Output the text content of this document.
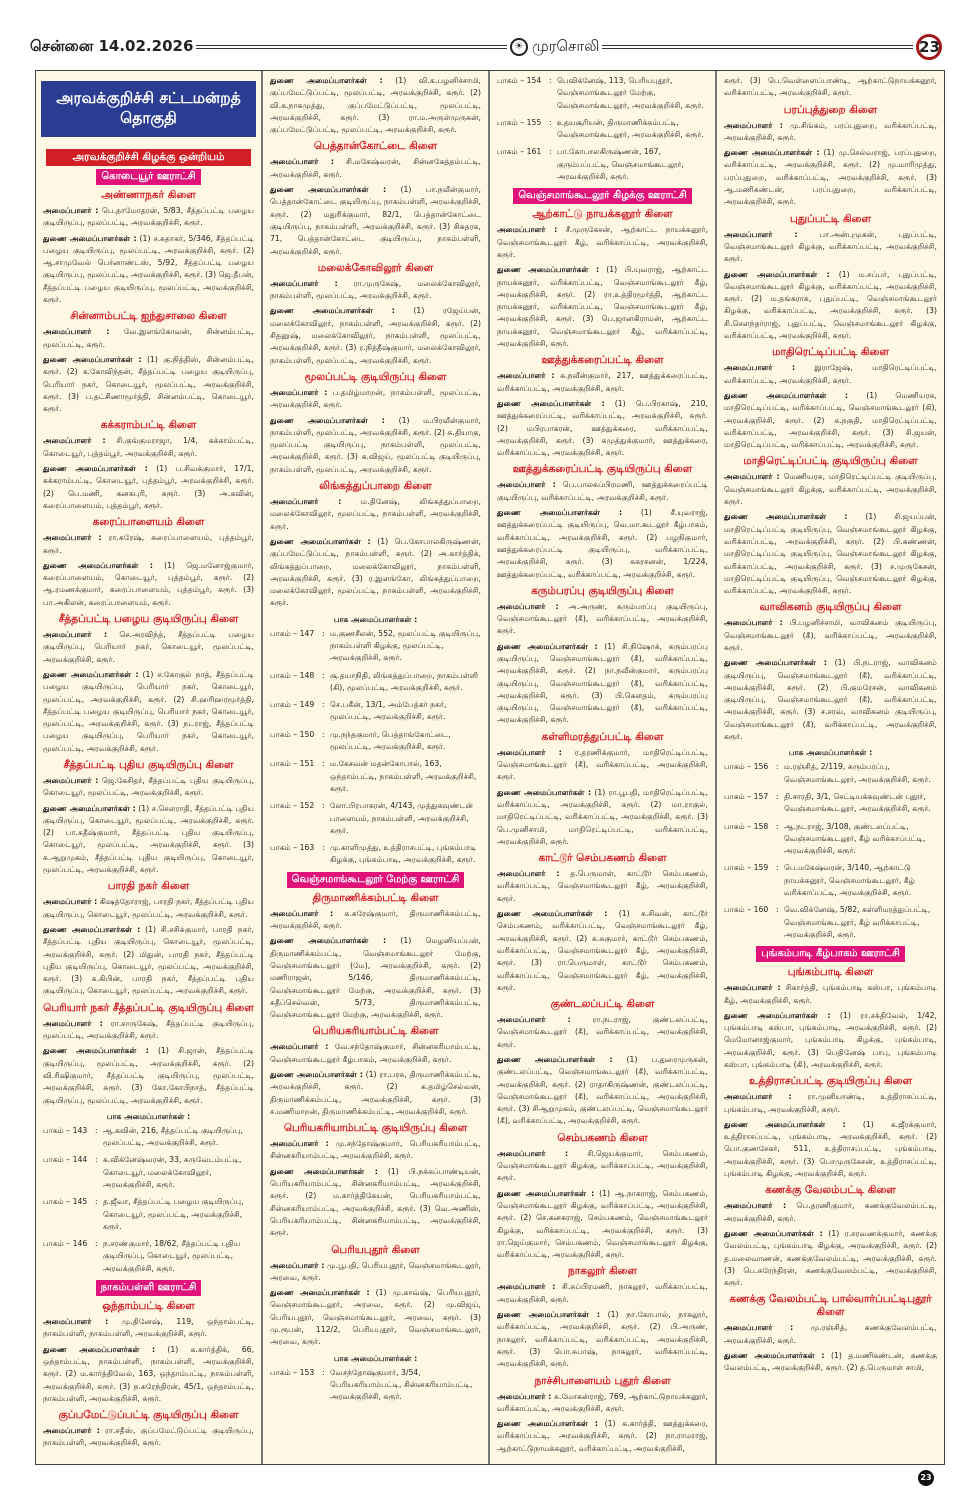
சென்னை 14.02.2026	☀ முரசொலி	23
அரவக்குறிச்சி சட்டமன்றத் தொகுதி
அரவக்குறிச்சி கிழக்கு ஒன்றியம்
கொடையூர் ஊராட்சி
அண்ணாநகர் கிளை
அமைப்பாளர் : பெ.தாமோதரன், 5/83, சீத்தப்பட்டி பழைய குடியிருப்பு, மூலப்பட்டி, அரவக்குறிச்சி, கரூர்.
துணை அமைப்பாளர்கள் : (1) ச.கதாகர், 5/346, சீத்தப்பட்டி பழைய குடியிருப்பு, மூலப்பட்டி, அரவக்குறிச்சி, கரூர். (2) ஆ.சாமுவேல் பெர்னாண்டஸ், 5/92, சீத்தப்பட்டி பழைய குடியிருப்பு, மூலப்பட்டி, அரவக்குறிச்சி, கரூர். (3) ஜெ.தீபன், சீத்தப்பட்டி பழைய குடியிருப்பு, மூலப்பட்டி, அரவக்குறிச்சி, கரூர்.
சின்னாம்பட்டி ஐந்துசாலை கிளை
அமைப்பாளர் : வே.இளங்கோவன், சின்னம்பட்டி, மூலப்பட்டி, கரூர்.
துணை அமைப்பாளர்கள் : (1) கு.நித்திஸ், சின்னம்பட்டி, கரூர். (2) க.கோவிந்தன், சீத்தப்பட்டி பழைய குடியிருப்பு, பெரியார் நகர், கொடையூர், மூலப்பட்டி, அரவக்குறிச்சி, கரூர். (3) ப.தட்சிணாமூர்த்தி, சின்னம்பட்டி, கொடையூர், கரூர்.
கக்கராம்பட்டி கிளை
அமைப்பாளர் : சி.குங்குமராஜா, 1/4, கக்காம்பட்டி, கொடையூர், புத்தம்பூர், அரவக்குறிச்சி, கரூர்.
துணை அமைப்பாளர்கள் : (1) ப.சிவக்குமார், 17/1, கக்கராம்பட்டி, கொடையூர், புத்தம்பூர், அரவக்குறிச்சி, கரூர். (2) பெ.மணி, கனகபுரி, கரூர். (3) அ.கவின், கரைப்பாளையம், புத்தம்பூர், கரூர்.
கரைப்பாளையம் கிளை
அமைப்பாளர் : ரா.சுரேஷ், கரைப்பாளையம், புத்தம்பூர், கரூர்.
துணை அமைப்பாளர்கள் : (1) ஜெ.மனோஜ்குமார், கரைப்பாளையம், கொடையூர், புத்தம்பூர், கரூர். (2) ஆ.ரமணக்குமார், கரைப்பாளையம், புத்தம்பூர், கரூர். (3) பா.அகிலன், கரைப்பாளையம், கரூர்.
சீத்தப்பட்டி பழைய குடியிருப்பு கிளை
அமைப்பாளர் : செ.அரவிந்த், சீத்தப்பட்டி பழைய குடியிருப்பு, பெரியார் நகர், கொடையூர், மூலப்பட்டி, அரவக்குறிச்சி, கரூர்.
துணை அமைப்பாளர்கள் : (1) ச.கோகுல் நாத், சீத்தப்பட்டி பழைய குடியிருப்பு, பெரியார் நகர், கொடையூர், மூலப்பட்டி, அரவக்குறிச்சி, கரூர். (2) சி.ஹரிஹரமூர்த்தி, சீத்தப்பட்டி பழைய குடியிருப்பு, பெரியார் நகர், கொடையூர், மூலப்பட்டி, அரவக்குறிச்சி, கரூர். (3) நடராஜ், சீத்தப்பட்டி பழைய குடியிருப்பு, பெரியார் நகர், கொடையூர், மூலப்பட்டி, அரவக்குறிச்சி, கரூர்.
சீத்தப்பட்டி புதிய குடியிருப்பு கிளை
அமைப்பாளர் : ஜெ.கேசிதர், சீத்தப்பட்டி புதிய குடியிருப்பு, கொடையூர், மூலப்பட்டி, அரவக்குறிச்சி, கரூர்.
துணை அமைப்பாளர்கள் : (1) ச.சௌராதி, சீத்தப்பட்டி புதிய குடியிருப்பு, கொடையூர், மூலப்பட்டி, அரவக்குறிச்சி, கரூர். (2) பா.சுதீஷ்குமார், சீத்தப்பட்டி புதிய குடியிருப்பு, கொடையூர், மூலப்பட்டி, அரவக்குறிச்சி, கரூர். (3) சு.ஆறுமுகம், சீத்தப்பட்டி புதிய குடியிருப்பு, கொடையூர், மூலப்பட்டி, அரவக்குறிச்சி, கரூர்.
பாரதி நகர் கிளை
அமைப்பாளர் : கிஷத்தோராஜ், பாரதி நகர், சீத்தப்பட்டி புதிய குடியிருப்பு, கொடையூர், மூலப்பட்டி, அரவக்குறிச்சி, கரூர்.
துணை அமைப்பாளர்கள் : (1) சி.சசிக்குமார், பாரதி நகர், சீத்தப்பட்டி புதிய குடியிருப்பு, கொடையூர், மூலப்பட்டி, அரவக்குறிச்சி, கரூர். (2) மிதுன், பாரதி நகர், சீத்தப்பட்டி புதிய குடியிருப்பு, கொடையூர், மூலப்பட்டி, அரவக்குறிச்சி, கரூர். (3) சு.கிபின், பாரதி நகர், சீத்தப்பட்டி புதிய குடியிருப்பு, கொடையூர், மூலப்பட்டி, அரவக்குறிச்சி, கரூர்.
பெரியார் நகர் சீத்தப்பட்டி குடியிருப்பு கிளை
அமைப்பாளர் : ரா.சாருகேஷ், சீத்தப்பட்டி குடியிருப்பு, மூலப்பட்டி, அரவக்குறிச்சி, கரூர்.
துணை அமைப்பாளர்கள் : (1) சி.ஜான், சீத்தப்பட்டி குடியிருப்பு, மூலப்பட்டி, அரவக்குறிச்சி, கரூர். (2) வி.ரிஷிகுமார், சீத்தப்பட்டி குடியிருப்பு, மூலப்பட்டி, அரவக்குறிச்சி, கரூர். (3) கோ.கோபிநாத், சீத்தப்பட்டி குடியிருப்பு, மூலப்பட்டி, அரவக்குறிச்சி, கரூர்.
பாக அமைப்பாளர்கள் :
பாகம் – 143	: ஆ.கவின், 216, சீத்தப்பட்டி குடியிருப்பு, மூலப்பட்டி, அரவக்குறிச்சி, கரூர்.
பாகம் – 144	: க.விக்னேஷ்வரன், 33, கருவேடம்பட்டி, கொடையூர், மலைக்கோவிலூர், அரவக்குறிச்சி, கரூர்.
பாகம் – 145	: த.ஜீவா, சீத்தப்பட்டி பழைய குடியிருப்பு, கொடையூர், மூலப்பட்டி, அரவக்குறிச்சி, கரூர்.
பாகம் – 146	: ந.சரண்குமார், 18/62, சீத்தப்பட்டி புதிய குடியிருப்பு, கொடையூர், மூலப்பட்டி, அரவக்குறிச்சி, கரூர்.
நாகம்பள்ளி ஊராட்சி
ஒந்தாம்பட்டி கிளை
அமைப்பாளர் : மு.தினேஷ், 119, ஒந்தாம்பட்டி, நாகம்பள்ளி, நாகம்பள்ளி, அரவக்குறிச்சி, கரூர்.
துணை அமைப்பாளர்கள் : (1) க.கார்த்திக், 66, ஒந்தாம்பட்டி, நாகம்பள்ளி, நாகம்பள்ளி, அரவக்குறிச்சி, கரூர். (2) ம.கார்த்திவேல், 163, ஒந்தாம்பட்டி, நாகம்பள்ளி, அரவக்குறிச்சி, கரூர். (3) ந.சுரேந்திரன், 45/1, ஒந்தாம்பட்டி, நாகம்பள்ளி, அரவக்குறிச்சி, கரூர்.
குப்பமேட்டுப்பட்டி குடியிருப்பு கிளை
அமைப்பாளர் : ரா.சதீஸ், குப்பமேட்டுப்பட்டி குடியிருப்பு, நாகம்பள்ளி, அரவக்குறிச்சி, கரூர்.
துணை அமைப்பாளர்கள் : (1) வி.க.பழனிச்சாமி, குப்பமேட்டுப்பட்டி, மூலப்பட்டி, அரவக்குறிச்சி, கரூர். (2) வி.க.நாகமுத்து, குப்பமேட்டுப்பட்டி, மூலப்பட்டி, அரவக்குறிச்சி, கரூர். (3) ரா.ம.அருள்முருகன், குப்பமேட்டுப்பட்டி, மூலப்பட்டி, அரவக்குறிச்சி, கரூர்.
பெத்தான்கோட்டை கிளை
அமைப்பாளர் : சி.மகேஷ்வரன், சின்னகேத்தம்பட்டி, அரவக்குறிச்சி, கரூர்.
துணை அமைப்பாளர்கள் : (1) பா.நவீன்குமார், பெத்தான்கோட்டை குடியிருப்பு, நாகம்பள்ளி, அரவக்குறிச்சி, கரூர். (2) மதுரிக்குமார், 82/1, பெத்தான்கோட்டை குடியிருப்பு, நாகம்பள்ளி, அரவக்குறிச்சி, கரூர். (3) சிகதரசு, 71, பெத்தான்கோட்டை குடியிருப்பு, நாகம்பள்ளி, அரவக்குறிச்சி, கரூர்.
மலைக்கோவிலூர் கிளை
அமைப்பாளர் : ரா.முருகேஷ், மலைக்கோவிலூர், நாகம்பள்ளி, மூலப்பட்டி, அரவக்குறிச்சி, கரூர்.
துணை அமைப்பாளர்கள் : (1) ரஜேய்பன், மலைக்கோவிலூர், நாகம்பள்ளி, அரவக்குறிச்சி, கரூர். (2) சிதனுஷ், மலைக்கோவிலூர், நாகம்பள்ளி, மூலப்பட்டி, அரவக்குறிச்சி, கரூர். (3) ர.நித்தீஷ்குமார், மலைக்கோவிலூர், நாகம்பள்ளி, மூலப்பட்டி, அரவக்குறிச்சி, கரூர்.
மூலப்பட்டி குடியிருப்பு கிளை
அமைப்பாளர் : ப.தமிழ்மாறன், நாகம்பள்ளி, மூலப்பட்டி, அரவக்குறிச்சி, கரூர்.
துணை அமைப்பாளர்கள் : (1) ம.பிரவீன்குமார், நாகம்பள்ளி, மூலப்பட்டி, அரவக்குறிச்சி, கரூர். (2) சு.தியாகு, மூலப்பட்டி குடியிருப்பு, நாகம்பள்ளி, மூலப்பட்டி, அரவக்குறிச்சி, கரூர். (3) க.விஜய், மூலப்பட்டி குடியிருப்பு, நாகம்பள்ளி, மூலப்பட்டி, அரவக்குறிச்சி, கரூர்.
லிங்கத்துப்பாறை கிளை
அமைப்பாளர் : ம.தினேஷ், லிங்கத்துப்பாறை, மலைக்கோவிலூர், மூலப்பட்டி, நாகம்பள்ளி, அரவக்குறிச்சி, கரூர்.
துணை அமைப்பாளர்கள் : (1) பெ.கோபாலகிருஷ்ணன், குப்பமேட்டுப்பட்டி, நாகம்பள்ளி, கரூர். (2) அ.கார்த்திக், லிங்கத்துப்பாறை, மலைக்கோவிலூர், நாகம்பள்ளி, அரவக்குறிச்சி, கரூர். (3) ர.இளங்கோ, லிங்கத்துப்பாறை, மலைக்கோவிலூர், மூலப்பட்டி, நாகம்பள்ளி, அரவக்குறிச்சி, கரூர்.
பாக அமைப்பாளர்கள் :
பாகம் – 147	: ம.குணசீலன், 552, மூலப்பட்டி குடியிருப்பு, நாகம்பள்ளி கிழக்கு, மூலப்பட்டி, அரவக்குறிச்சி, கரூர்.
பாகம் – 148	: சூ.தயாநிதி, லிங்கத்துப்பாறை, நாகம்பள்ளி (கி), மூலப்பட்டி, அரவக்குறிச்சி, கரூர்.
பாகம் – 149	: செ.பகீன், 13/1, அம்பேத்கர் நகர், மூலப்பட்டி, அரவக்குறிச்சி, கரூர்.
பாகம் – 150	: மு.நந்தகுமார், பெத்தாங்கோட்டை, மூலப்பட்டி, அரவக்குறிச்சி, கரூர்.
பாகம் – 151	: ம.கேசவன் மதன்கோபால், 163, ஒந்தாம்பட்டி, நாகம்பள்ளி, அரவக்குறிச்சி, கரூர்.
பாகம் – 152	: லோ.பிரபாகரன், 4/143, முத்துகவுண்டன் பாளையம், நாகம்பள்ளி, அரவக்குறிச்சி, கரூர்.
பாகம் – 163	: மு.காளிமுத்து, உத்திராசபட்டி, புங்கம்பாடி கிழக்கு, புங்கம்பாடி, அரவக்குறிச்சி, கரூர்.
வெஞ்சமாங்கூடலூர் மேற்கு ஊராட்சி
திருமாணிக்கம்பட்டி கிளை
அமைப்பாளர் : க.சுரேஷ்குமார், திருமாணிக்கம்பட்டி, அரவக்குறிச்சி, கரூர்.
துணை அமைப்பாளர்கள் : (1) மெழனியப்பன், திருமாணிக்கம்பட்டி, வெஞ்சமாங்கூடலூர் மேற்கு, வெஞ்சமாங்கூடலூர் (மே), அரவக்குறிச்சி, கரூர். (2) மணிராஜன், 5/146, திருமாணிக்கம்பட்டி, வெஞ்சமாங்கூடலூர் மேற்கு, அரவக்குறிச்சி, கரூர். (3) சுதீப்செல்வன், 5/73, திருமாணிக்கம்பட்டி, வெஞ்சமாங்கூடலூர் மேற்கு, அரவக்குறிச்சி, கரூர்.
பெரியகரியாம்பட்டி கிளை
அமைப்பாளர் : வே.சந்தோஷ்குமார், சின்னகரியாம்பட்டி, வெஞ்சமாங்கூடலூர் கீழ்பாகம், அரவக்குறிச்சி, கரூர்.
துணை அமைப்பாளர்கள் : (1) ரா.பரசு, திருமாணிக்கம்பட்டி, அரவக்குறிச்சி, கரூர். (2) க.தமிழ்செல்வன், திருமாணிக்கம்பட்டி, அரவக்குறிச்சி, கரூர். (3) ச.மணிமாறன், திருமாணிக்கம்பட்டி, அரவக்குறிச்சி, கரூர்.
பெரியகரியாம்பட்டி குடியிருப்பு கிளை
அமைப்பாளர் : மு.சந்தோஷ்குமார், பெரியகரியாம்பட்டி, சின்னகரியாம்பட்டி, அரவக்குறிச்சி, கரூர்.
துணை அமைப்பாளர்கள் : (1) பி.நக்கப்பாண்டியன், பெரியகரியாம்பட்டி, சின்னகரியாம்பட்டி, அரவக்குறிச்சி, கரூர். (2) ம.கார்த்திகேயன், பெரியகரியாம்பட்டி, சின்னகரியாம்பட்டி, அரவக்குறிச்சி, கரூர். (3) வெ.அணிஸ், பெரியகரியாம்பட்டி, சின்னகரியாம்பட்டி, அரவக்குறிச்சி, கரூர்.
பெரியபுதூர் கிளை
அமைப்பாளர் : மு.பூபதி, பெரியபுதூர், வெஞ்சமாங்கூடலூர், அரவை, கரூர்.
துணை அமைப்பாளர்கள் : (1) மு.காவ்ஷ், பெரியபுதூர், வெஞ்சமாங்கூடலூர், அரவை, கரூர். (2) மு.விஜய், பெரியபுதூர், வெஞ்சமாங்கூடலூர், அரவை, கரூர். (3) மு.ரூபன், 112/2, பெரியபுதூர், வெஞ்சமாங்கூடலூர், அரவை, கரூர்.
பாக அமைப்பாளர்கள் :
பாகம் – 153	: வேசந்தோஷ்குமார், 3/54, பெரியகரியாம்பட்டி, சின்னகரியாம்பட்டி, அரவக்குறிச்சி, கரூர்.
பாகம் – 154	: பெவிக்னேஷ், 113, பெரியபுதூர், வெஞ்சமாங்கூடலூர் மேற்கு, வெஞ்சமாங்கூடலூர், அரவக்குறிச்சி, கரூர்.
பாகம் – 155	: உதயசூரியன், திருமாணிக்கம்பட்டி, வெஞ்சமாங்கூடலூர், அரவக்குறிச்சி, கரூர்.
பாகம் – 161	: பா.கோபாலகிருஷ்ணன், 167, குரும்பப்பட்டி, வெஞ்சமாங்கூடலூர், அரவக்குறிச்சி, கரூர்.
வெஞ்சமாங்கூடலூர் கிழக்கு ஊராட்சி
ஆற்காட்டு நாயக்கனூர் கிளை
அமைப்பாளர் : சீ.முருகேசன், ஆற்காட்ட நாயக்கனூர், வெஞ்சமாங்கூடலூர் கீழ், வரிக்காப்பட்டி, அரவக்குறிச்சி, கரூர்.
துணை அமைப்பாளர்கள் : (1) பி.யுவராஜ், ஆற்காட்ட நாயக்கனூர், வரிக்காப்பட்டி, வெஞ்சமாங்கூடலூர் கீழ், அரவக்குறிச்சி, கரூர். (2) ரா.உத்திரமூர்த்தி, ஆற்காட்ட நாயக்கனூர், வரிக்காப்பட்டி, வெஞ்சமாங்கூடலூர் கீழ், அரவக்குறிச்சி, கரூர். (3) பெ.ஜானகிராமன், ஆற்காட்ட நாயக்கனூர், வெஞ்சமாங்கூடலூர் கீழ், வரிக்காப்பட்டி, அரவக்குறிச்சி, கரூர்.
ஊத்துக்கரைப்பட்டி கிளை
அமைப்பாளர் : க.நவீன்குமார், 217, ஊத்துக்கரைப்பட்டி, வரிக்காப்பட்டி, அரவக்குறிச்சி, கரூர்.
துணை அமைப்பாளர்கள் : (1) பெ.பிரகாஷ், 210, ஊத்துக்கரைப்பட்டி, வரிக்காப்பட்டி, அரவக்குறிச்சி, கரூர். (2) மபிரபாகரன், ஊத்துக்கரை, வரிக்காப்பட்டி, அரவக்குறிச்சி, கரூர். (3) சுமுத்துக்குமார், ஊத்துக்கரை, வரிக்காப்பட்டி, அரவக்குறிச்சி, கரூர்.
ஊத்துக்கரைப்பட்டி குடியிருப்பு கிளை
அமைப்பாளர் : பெ.பாலசுப்பிரமணி, ஊத்துக்கரைப்பட்டி குடியிருப்பு, வரிக்காப்பட்டி, அரவக்குறிச்சி, கரூர்.
துணை அமைப்பாளர்கள் : (1) சீ.யுவராஜ், ஊத்துக்கரைப்பட்டி குடியிருப்பு, வெ.மா.கூடலூர் கீழ்பாகம், வரிக்காப்பட்டி, அரவக்குறிச்சி, கரூர். (2) பழநிகுமார், ஊத்துக்கரைப்பட்டி குடியிருப்பு, வரிக்காப்பட்டி, அரவக்குறிச்சி, கரூர். (3) சுகரசனன், 1/224, ஊத்துக்கரைப்பட்டி, வரிக்காப்பட்டி, அரவக்குறிச்சி, கரூர்.
கரும்பரப்பு குடியிருப்பு கிளை
அமைப்பாளர் : அ.அருண், கரும்பரப்பு குடியிருப்பு, வெஞ்சமாங்கூடலூர் (கீ), வரிக்காப்பட்டி, அரவக்குறிச்சி, கரூர்.
துணை அமைப்பாளர்கள் : (1) சி.நிஷோக், கரும்பரப்பு குடியிருப்பு, வெஞ்சமாங்கூடலூர் (கீ), வரிக்காப்பட்டி, அரவக்குறிச்சி, கரூர். (2) நா.நவீன்குமார், கரும்பரப்பு குடியிருப்பு, வெஞ்சமாங்கூடலூர் (கீ), வரிக்காப்பட்டி, அரவக்குறிச்சி, கரூர். (3) பி.கௌதம், கரும்பரப்பு குடியிருப்பு, வெஞ்சமாங்கூடலூர் (கீ), வரிக்காப்பட்டி, அரவக்குறிச்சி, கரூர்.
கள்ளிமரத்துப்பட்டி கிளை
அமைப்பாளர் : ர.தரணிக்குமார், மாதிரெட்டிப்பட்டி, வெஞ்சமாங்கூடலூர் (கீ), வரிக்காப்பட்டி, அரவக்குறிச்சி, கரூர்.
துணை அமைப்பாளர்கள் : (1) ரா.பூபதி, மாதிரெட்டிப்பட்டி, வரிக்காப்பட்டி, அரவக்குறிச்சி, கரூர். (2) மா.ராகுல், மாதிரெட்டிப்பட்டி, வரிக்காப்பட்டி, அரவக்குறிச்சி, கரூர். (3) பெ.முனிசாமி, மாதிரெட்டிப்பட்டி, வரிக்காப்பட்டி, அரவக்குறிச்சி, கரூர்.
காட்டூர் செம்பகணம் கிளை
அமைப்பாளர் : த.பெருமாள், காட்டூர் செம்பகணம், வரிக்காப்பட்டி, வெஞ்சமாங்கூடலூர் கீழ், அரவக்குறிச்சி, கரூர்.
துணை அமைப்பாளர்கள் : (1) சு.சிவன், காட்டூர் செம்பகணம், வரிக்காப்பட்டி, வெஞ்சமாங்கூடலூர் கீழ், அரவக்குறிச்சி, கரூர். (2) க.சுகுமார், காட்டூர் செம்பகணம், வரிக்காப்பட்டி, வெஞ்சமாங்கூடலூர் கீழ், அரவக்குறிச்சி, கரூர். (3) ரா.பெருமாள், காட்டூர் செம்பகணம், வரிக்காப்பட்டி, வெஞ்சமாங்கூடலூர் கீழ், அரவக்குறிச்சி, கரூர்.
குண்டலப்பட்டி கிளை
அமைப்பாளர் : ரா.நடராஜ், குண்டலப்பட்டி, வெஞ்சமாங்கூடலூர் (கீ), வரிக்காப்பட்டி, அரவக்குறிச்சி, கரூர்.
துணை அமைப்பாளர்கள் : (1) ப.துரைமுருகன், குண்டலப்பட்டி, வெஞ்சமாங்கூடலூர் (கீ), வரிக்காப்பட்டி, அரவக்குறிச்சி, கரூர். (2) ராதாகிருஷ்ணன், குண்டலப்பட்டி, வெஞ்சமாங்கூடலூர் (கீ), வரிக்காப்பட்டி, அரவக்குறிச்சி, கரூர். (3) சிஆறுமுகம், குண்டலப்பட்டி, வெஞ்சமாங்கூடலூர் (கீ), வரிக்காப்பட்டி, அரவக்குறிச்சி, கரூர்.
செம்பகணம் கிளை
அமைப்பாளர் : சி.ஜெயக்குமார், செம்பகணம், வெஞ்சமாங்கூடலூர் கிழக்கு, வரிக்காப்பட்டி, அரவக்குறிச்சி, கரூர்.
துணை அமைப்பாளர்கள் : (1) ஆ.நாகராஜ், செம்பகணம், வெஞ்சமாங்கூடலூர் கிழக்கு, வரிக்காப்பட்டி, அரவக்குறிச்சி, கரூர். (2) செ.கனகராஜ், செம்பகணம், வெஞ்சமாங்கூடலூர் கிழக்கு, வரிக்காப்பட்டி, அரவக்குறிச்சி, கரூர். (3) ரா.ஜெய்குமார், செம்பகணம், வெஞ்சமாங்கூடலூர் கிழக்கு, வரிக்காப்பட்டி, அரவக்குறிச்சி, கரூர்.
நாகலூர் கிளை
அமைப்பாளர் : சி.சுப்பிரமணி, நாகலூர், வரிக்காப்பட்டி, அரவக்குறிச்சி, கரூர்.
துணை அமைப்பாளர்கள் : (1) நா.கோபால், நாகலூர், வரிக்காப்பட்டி, அரவக்குறிச்சி, கரூர். (2) பி.அருண், நாகலூர், வரிக்காப்பட்டி, வரிக்காப்பட்டி, அரவக்குறிச்சி, கரூர். (3) பொ.சுபாஷ், நாகலூர், வரிக்காப்பட்டி, அரவக்குறிச்சி, கரூர்.
நாச்சிபாளையம் புதூர் கிளை
அமைப்பாளர் : சு.மோகன்ராஜ், 769, ஆற்காட்டுநாயக்கனூர், வரிக்காப்பட்டி, அரவக்குறிச்சி, கரூர்.
துணை அமைப்பாளர்கள் : (1) சு.கார்த்தி, ஊத்துக்கரை, வரிக்காப்பட்டி, அரவக்குறிச்சி, கரூர். (2) நா.ராமராஜ், ஆற்காட்டுநாயக்கனூர், வரிக்காப்பட்டி, அரவக்குறிச்சி,
கரூர். (3) பெ.வெள்ளைப்பாண்டி, ஆற்காட்டுநாயக்கனூர், வரிக்காப்பட்டி, அரவக்குறிச்சி, கரூர்.
பரப்புத்துறை கிளை
அமைப்பாளர் : மு.சிங்கம், பரப்புதுறை, வரிக்காப்பட்டி, அரவக்குறிச்சி, கரூர்.
துணை அமைப்பாளர்கள் : (1) மு.செல்வராஜ், பரப்புதுறை, வரிக்காப்பட்டி, அரவக்குறிச்சி, கரூர். (2) மு.மாரிமுத்து, பரப்புதுறை, வரிக்காப்பட்டி, அரவக்குறிச்சி, கரூர். (3) ஆ.மணிகண்டன், பரப்புதுறை, வரிக்காப்பட்டி, அரவக்குறிச்சி, கரூர்.
புதுப்பட்டி கிளை
அமைப்பாளர் : பா.அன்புமுகன், புதுப்பட்டி, வெஞ்சமாங்கூடலூர் கிழக்கு, வரிக்காப்பட்டி, அரவக்குறிச்சி, கரூர்.
துணை அமைப்பாளர்கள் : (1) ம.சப்பர், புதுப்பட்டி, வெஞ்சமாங்கூடலூர் கிழக்கு, வரிக்காப்பட்டி, அரவக்குறிச்சி, கரூர். (2) ம.தங்கராசு, புதுப்பட்டி, வெஞ்சமாங்கூடலூர் கிழக்கு, வரிக்காப்பட்டி, அரவக்குறிச்சி, கரூர். (3) சி.சௌந்தர்ராஜ், புதுப்பட்டி, வெஞ்சமாங்கூடலூர் கிழக்கு, வரிக்காப்பட்டி, அரவக்குறிச்சி, கரூர்.
மாதிரெட்டிப்பட்டி கிளை
அமைப்பாளர் : இராஜேஷ், மாதிரெட்டிப்பட்டி, வரிக்காப்பட்டி, அரவக்குறிச்சி, கரூர்.
துணை அமைப்பாளர்கள் : (1) மெணியரசு, மாதிரெட்டிப்பட்டி, வரிக்காப்பட்டி, வெஞ்சமாங்கூடலூர் (கி), அரவக்குறிச்சி, கரூர். (2) க.நகுதி, மாதிரெட்டிப்பட்டி, வரிக்காப்பட்டி, அரவக்குறிச்சி, கரூர். (3) சி.ஜயன், மாதிரெட்டிப்பட்டி, வரிக்காப்பட்டி, அரவக்குறிச்சி, கரூர்.
மாதிரெட்டிப்பட்டி குடியிருப்பு கிளை
அமைப்பாளர் : மெணியரசு, மாதிரெட்டிப்பட்டி குடியிருப்பு, வெஞ்சமாங்கூடலூர் கிழக்கு, வரிக்காப்பட்டி, அரவக்குறிச்சி, கரூர்.
துணை அமைப்பாளர்கள் : (1) சி.ஜயப்பன், மாதிரெட்டிப்பட்டி குடியிருப்பு, வெஞ்சமாங்கூடலூர் கிழக்கு, வரிக்காப்பட்டி, அரவக்குறிச்சி, கரூர். (2) பி.கண்ணன், மாதிரெட்டிப்பட்டி குடியிருப்பு, வெஞ்சமாங்கூடலூர் கிழக்கு, வரிக்காப்பட்டி, அரவக்குறிச்சி, கரூர். (3) ச.முருகேசன், மாதிரெட்டிப்பட்டி குடியிருப்பு, வெஞ்சமாங்கூடலூர் கிழக்கு, வரிக்காப்பட்டி, அரவக்குறிச்சி, கரூர்.
வாவிகனம் குடியிருப்பு கிளை
அமைப்பாளர் : பி.பழனிச்சாமி, வாவிகனம் குடியிருப்பு, வெஞ்சமாங்கூடலூர் (கீ), வரிக்காப்பட்டி, அரவக்குறிச்சி, கரூர்.
துணை அமைப்பாளர்கள் : (1) பி.நடராஜ், வாவிகனம் குடியிருப்பு, வெஞ்சமாங்கூடலூர் (கீ), வரிக்காப்பட்டி, அரவக்குறிச்சி, கரூர். (2) பி.குமரேசன், வாவிகனம் குடியிருப்பு, வெஞ்சமாங்கூடலூர் (கீ), வரிக்காப்பட்டி, அரவக்குறிச்சி, கரூர். (3) ச.சரவ், வாவிகனம் குடியிருப்பு, வெஞ்சமாங்கூடலூர் (கீ), வரிக்காப்பட்டி, அரவக்குறிச்சி, கரூர்.
பாக அமைப்பாளர்கள் :
பாகம் – 156	: ம.ரஞ்சித், 2/119, கரும்பரப்பு, வெஞ்சமாங்கூடலூர், அரவக்குறிச்சி, கரூர்.
பாகம் – 157	: தி.சாரதி, 3/1, செட்டியக்கவுண்டன் புதூர், வெஞ்சமாங்கூடலூர், அரவக்குறிச்சி, கரூர்.
பாகம் – 158	: ஆ.நடராஜ், 3/108, குண்டலப்பட்டி, வெஞ்சமாங்கூடலூர், கீழ் வரிக்காப்பட்டி, அரவக்குறிச்சி, கரூர்.
பாகம் – 159	: பெ.மகேஷ்வரன், 3/140, ஆற்காட்டு நாயக்கனூர், வெஞ்சமாங்கூடலூர், கீழ் வரிக்காப்பட்டி, அரவக்குறிச்சி, கரூர்.
பாகம் – 160	: வெ.விக்னேஷ், 5/82, கள்ளிமரத்துப்பட்டி, வெஞ்சமாங்கூடலூர், கீழ் வரிக்காபட்டி, அரவக்குறிச்சி, கரூர்.
புங்கம்பாடி கீழ்பாகம் ஊராட்சி
புங்கம்பாடி கிளை
அமைப்பாளர் : சிகார்த்தி, புங்கம்பாடி கஸ்பா, புங்கம்பாடி கீழ், அரவக்குறிச்சி, கரூர்.
துணை அமைப்பாளர்கள் : (1) ரா.சக்திவேல், 1/42, புங்கம்பாடி கஸ்பா, புங்கம்பாடி, அரவக்குறிச்சி, கரூர். (2) மெமோனாஜ்குமார், புங்கம்பாடி கிழக்கு, புங்கம்பாடி, அரவக்குறிச்சி, கரூர். (3) பெதினேஷ் பாபு, புங்கம்பாடி கஸ்பா, புங்கம்பாடி (கி), அரவக்குறிச்சி, கரூர்.
உத்திராசப்பட்டி குடியிருப்பு கிளை
அமைப்பாளர் : ரா.முனியாண்டி, உத்திராசப்பட்டி, புங்கம்பாடி, அரவக்குறிச்சி, கரூர்.
துணை அமைப்பாளர்கள் : (1) க.ஜீரக்குமார், உத்திராசப்பட்டி, புங்கம்பாடி, அரவக்குறிச்சி, கரூர். (2) பொ.குணசேகர், 511, உத்திராசப்பட்டி, புங்கம்பாடி, அரவக்குறிச்சி, கரூர். (3) பொமுருகேசன், உத்திராசப்பட்டி, புங்கம்பாடி கிழக்கு, அரவக்குறிச்சி, கரூர்.
கணக்கு வேலம்பட்டி கிளை
அமைப்பாளர் : பெ.தரணிகுமார், கணக்குவேலம்பட்டி, அரவக்குறிச்சி, கரூர்.
துணை அமைப்பாளர்கள் : (1) ர.சரவணக்குமார், கணக்கு வேலம்பட்டி, புங்கம்பாடி கிழக்கு, அரவக்குறிச்சி, கரூர். (2) த.மலைவாணன், கணக்குவேலம்பட்டி, அரவக்குறிச்சி, கரூர். (3) பெ.சுரேந்திரன், கணக்குவேலம்பட்டி, அரவக்குறிச்சி, கரூர்.
கணக்கு வேலம்பட்டி பால்வார்ப்பட்டிபுதூர் கிளை
அமைப்பாளர் : மு.ரஞ்சித், கணக்குவேலம்பட்டி, அரவக்குறிச்சி, கரூர்.
துணை அமைப்பாளர்கள் : (1) த.மணிகண்டன், கணக்கு வேலம்பட்டி, அரவக்குறிச்சி, கரூர். (2) த.பெருமாள் சாமி,
23
